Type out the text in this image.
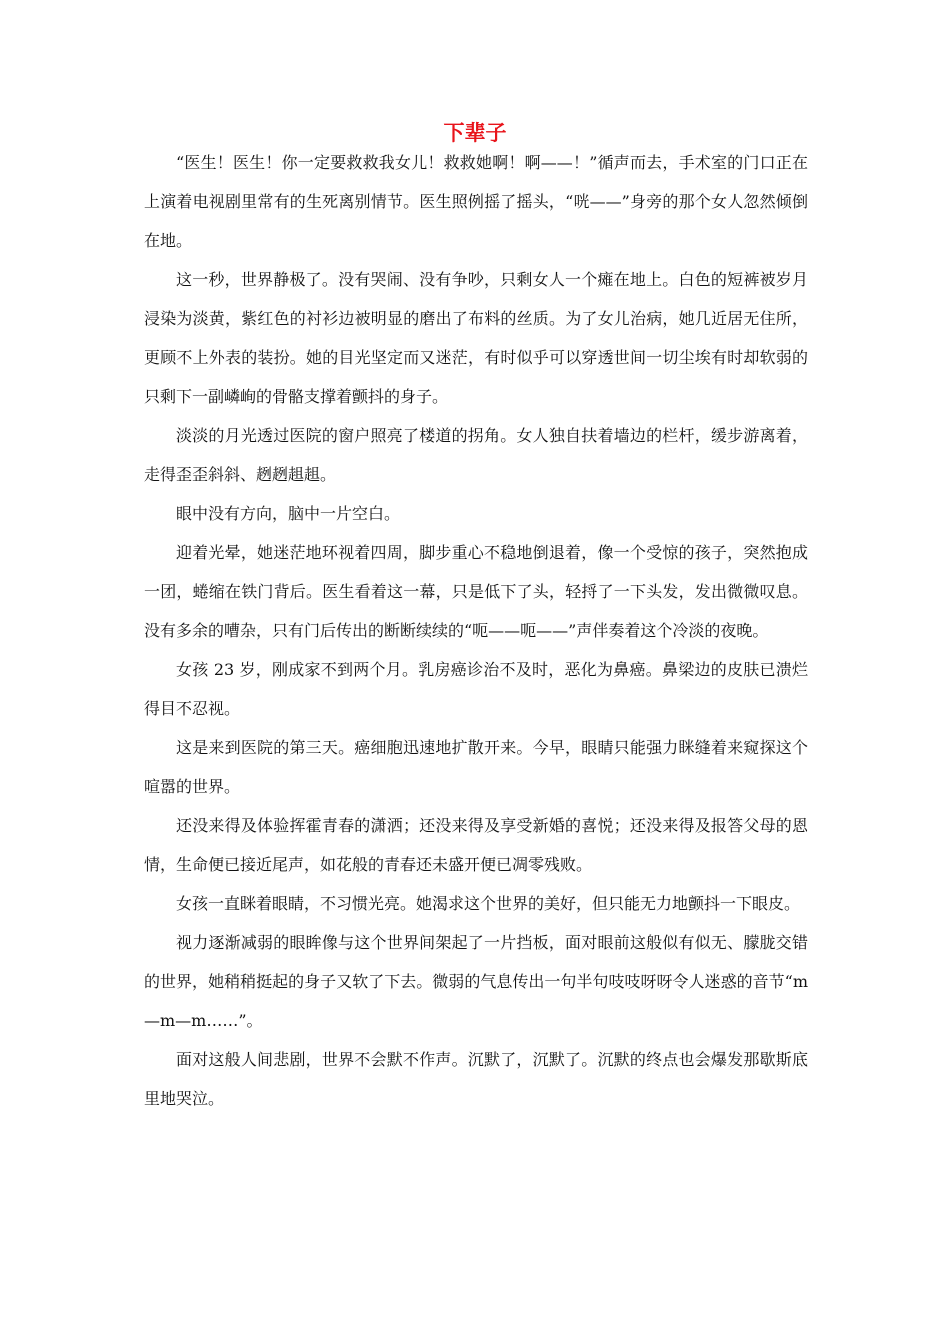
下辈子

“医生！医生！你一定要救救我女儿！救救她啊！啊——！”循声而去，手术室的门口正在上演着电视剧里常有的生死离别情节。医生照例摇了摇头，“咣——”身旁的那个女人忽然倾倒在地。

这一秒，世界静极了。没有哭闹、没有争吵，只剩女人一个瘫在地上。白色的短裤被岁月浸染为淡黄，紫红色的衬衫边被明显的磨出了布料的丝质。为了女儿治病，她几近居无住所，更顾不上外表的装扮。她的目光坚定而又迷茫，有时似乎可以穿透世间一切尘埃有时却软弱的只剩下一副嶙峋的骨骼支撑着颤抖的身子。

淡淡的月光透过医院的窗户照亮了楼道的拐角。女人独自扶着墙边的栏杆，缓步游离着，走得歪歪斜斜、趔趔趄趄。

眼中没有方向，脑中一片空白。

迎着光晕，她迷茫地环视着四周，脚步重心不稳地倒退着，像一个受惊的孩子，突然抱成一团，蜷缩在铁门背后。医生看着这一幕，只是低下了头，轻捋了一下头发，发出微微叹息。没有多余的嘈杂，只有门后传出的断断续续的“呃——呃——”声伴奏着这个冷淡的夜晚。

女孩 23 岁，刚成家不到两个月。乳房癌诊治不及时，恶化为鼻癌。鼻梁边的皮肤已溃烂得目不忍视。

这是来到医院的第三天。癌细胞迅速地扩散开来。今早，眼睛只能强力眯缝着来窥探这个喧嚣的世界。

还没来得及体验挥霍青春的潇洒；还没来得及享受新婚的喜悦；还没来得及报答父母的恩情，生命便已接近尾声，如花般的青春还未盛开便已凋零残败。

女孩一直眯着眼睛，不习惯光亮。她渴求这个世界的美好，但只能无力地颤抖一下眼皮。

视力逐渐减弱的眼眸像与这个世界间架起了一片挡板，面对眼前这般似有似无、朦胧交错的世界，她稍稍挺起的身子又软了下去。微弱的气息传出一句半句吱吱呀呀令人迷惑的音节“m—m—m……”。

面对这般人间悲剧，世界不会默不作声。沉默了，沉默了。沉默的终点也会爆发那歇斯底里地哭泣。
